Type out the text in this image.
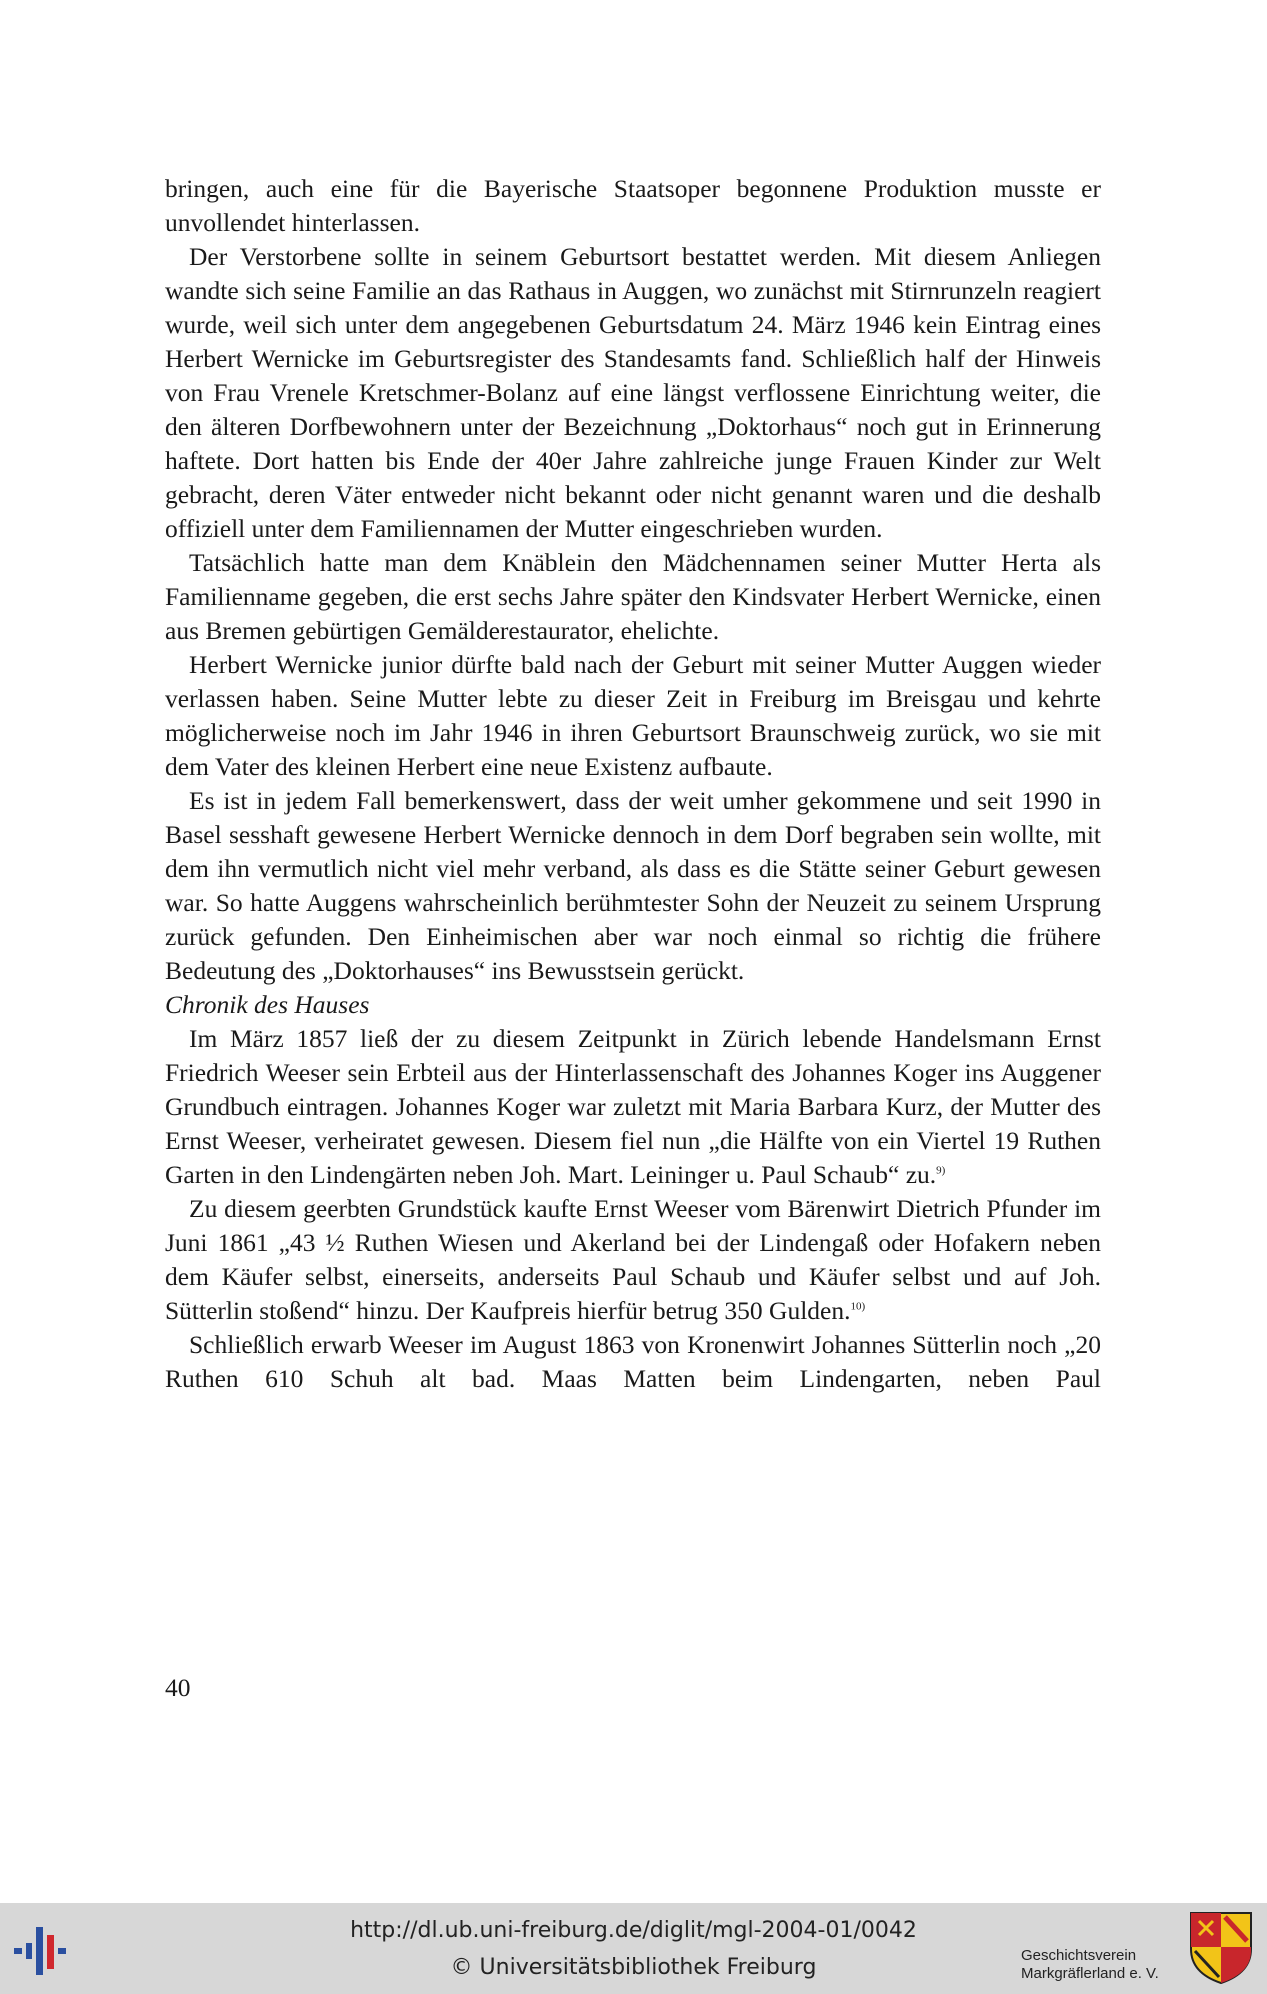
bringen, auch eine für die Bayerische Staatsoper begonnene Produktion musste er unvollendet hinterlassen.

Der Verstorbene sollte in seinem Geburtsort bestattet werden. Mit diesem Anliegen wandte sich seine Familie an das Rathaus in Auggen, wo zunächst mit Stirnrunzeln reagiert wurde, weil sich unter dem angegebenen Geburtsdatum 24. März 1946 kein Eintrag eines Herbert Wernicke im Geburtsregister des Standesamts fand. Schließlich half der Hinweis von Frau Vrenele Kretschmer-Bolanz auf eine längst verflossene Einrichtung weiter, die den älteren Dorfbewohnern unter der Bezeichnung „Doktorhaus“ noch gut in Erinnerung haftete. Dort hatten bis Ende der 40er Jahre zahlreiche junge Frauen Kinder zur Welt gebracht, deren Väter entweder nicht bekannt oder nicht genannt waren und die deshalb offiziell unter dem Familiennamen der Mutter eingeschrieben wurden.

Tatsächlich hatte man dem Knäblein den Mädchennamen seiner Mutter Herta als Familienname gegeben, die erst sechs Jahre später den Kindsvater Herbert Wernicke, einen aus Bremen gebürtigen Gemälderestaurator, ehelichte.

Herbert Wernicke junior dürfte bald nach der Geburt mit seiner Mutter Auggen wieder verlassen haben. Seine Mutter lebte zu dieser Zeit in Freiburg im Breisgau und kehrte möglicherweise noch im Jahr 1946 in ihren Geburtsort Braunschweig zurück, wo sie mit dem Vater des kleinen Herbert eine neue Existenz aufbaute.

Es ist in jedem Fall bemerkenswert, dass der weit umher gekommene und seit 1990 in Basel sesshaft gewesene Herbert Wernicke dennoch in dem Dorf begraben sein wollte, mit dem ihn vermutlich nicht viel mehr verband, als dass es die Stätte seiner Geburt gewesen war. So hatte Auggens wahrscheinlich berühmtester Sohn der Neuzeit zu seinem Ursprung zurück gefunden. Den Einheimischen aber war noch einmal so richtig die frühere Bedeutung des „Doktorhauses“ ins Bewusstsein gerückt.

Chronik des Hauses

Im März 1857 ließ der zu diesem Zeitpunkt in Zürich lebende Handelsmann Ernst Friedrich Weeser sein Erbteil aus der Hinterlassenschaft des Johannes Koger ins Auggener Grundbuch eintragen. Johannes Koger war zuletzt mit Maria Barbara Kurz, der Mutter des Ernst Weeser, verheiratet gewesen. Diesem fiel nun „die Hälfte von ein Viertel 19 Ruthen Garten in den Lindengärten neben Joh. Mart. Leininger u. Paul Schaub“ zu.$^{9)}$

Zu diesem geerbten Grundstück kaufte Ernst Weeser vom Bärenwirt Dietrich Pfunder im Juni 1861 „43 ½ Ruthen Wiesen und Akerland bei der Lindengaß oder Hofakern neben dem Käufer selbst, einerseits, anderseits Paul Schaub und Käufer selbst und auf Joh. Sütterlin stoßend“ hinzu. Der Kaufpreis hierfür betrug 350 Gulden.$^{10)}$

Schließlich erwarb Weeser im August 1863 von Kronenwirt Johannes Sütterlin noch „20 Ruthen 610 Schuh alt bad. Maas Matten beim Lindengarten, neben Paul

40
http://dl.ub.uni-freiburg.de/diglit/mgl-2004-01/0042
© Universitätsbibliothek Freiburg	Geschichtsverein
Markgräflerland e. V.
